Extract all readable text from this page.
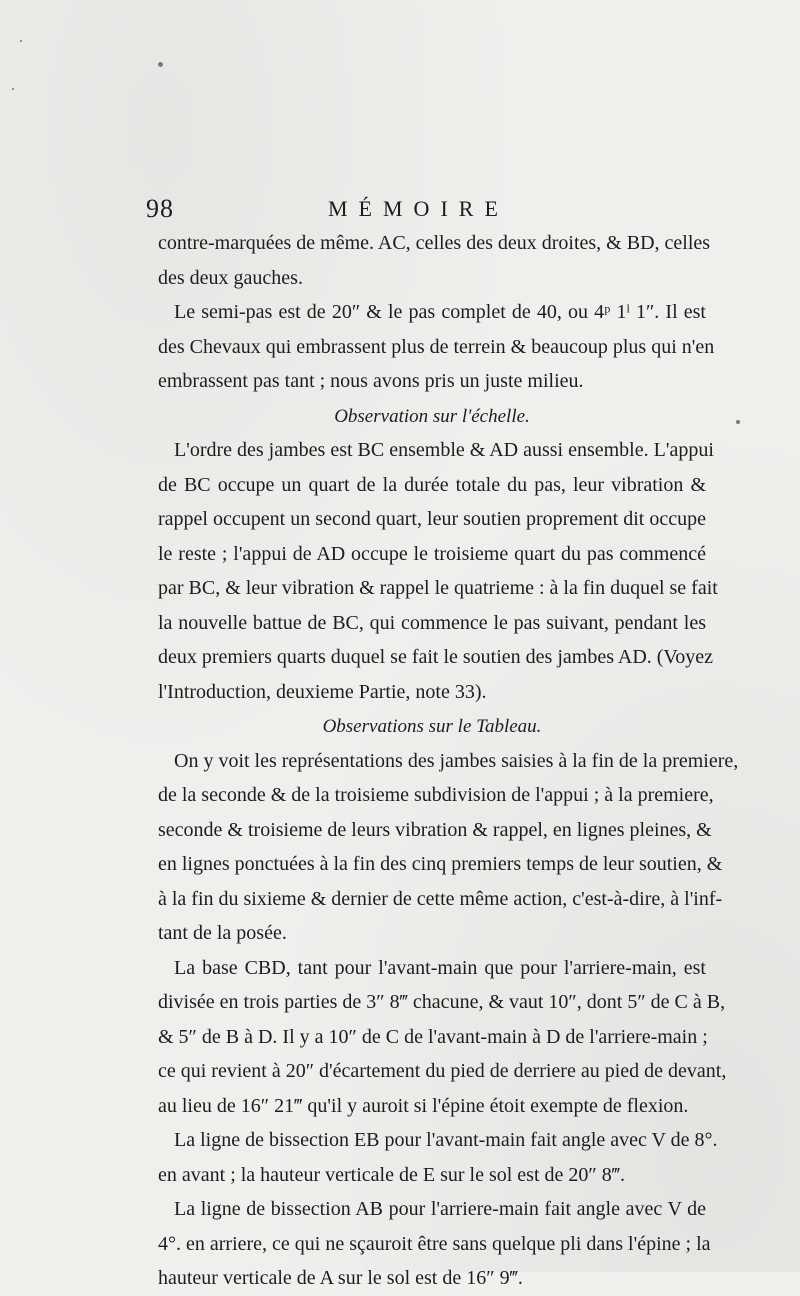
98	MÉMOIRE
contre-marquées de même. AC, celles des deux droites, & BD, celles
des deux gauches.
Le semi-pas est de 20″ & le pas complet de 40, ou 4ᵖ 1ˡ 1″. Il est
des Chevaux qui embrassent plus de terrein & beaucoup plus qui n'en
embrassent pas tant ; nous avons pris un juste milieu.
Observation sur l'échelle.
L'ordre des jambes est BC ensemble & AD aussi ensemble. L'appui
de BC occupe un quart de la durée totale du pas, leur vibration &
rappel occupent un second quart, leur soutien proprement dit occupe
le reste ; l'appui de AD occupe le troisieme quart du pas commencé
par BC, & leur vibration & rappel le quatrieme : à la fin duquel se fait
la nouvelle battue de BC, qui commence le pas suivant, pendant les
deux premiers quarts duquel se fait le soutien des jambes AD. (Voyez
l'Introduction, deuxieme Partie, note 33).
Observations sur le Tableau.
On y voit les représentations des jambes saisies à la fin de la premiere,
de la seconde & de la troisieme subdivision de l'appui ; à la premiere,
seconde & troisieme de leurs vibration & rappel, en lignes pleines, &
en lignes ponctuées à la fin des cinq premiers temps de leur soutien, &
à la fin du sixieme & dernier de cette même action, c'est-à-dire, à l'inf-
tant de la posée.
La base CBD, tant pour l'avant-main que pour l'arriere-main, est
divisée en trois parties de 3″ 8‴ chacune, & vaut 10″, dont 5″ de C à B,
& 5″ de B à D. Il y a 10″ de C de l'avant-main à D de l'arriere-main ;
ce qui revient à 20″ d'écartement du pied de derriere au pied de devant,
au lieu de 16″ 21‴ qu'il y auroit si l'épine étoit exempte de flexion.
La ligne de bissection EB pour l'avant-main fait angle avec V de 8°.
en avant ; la hauteur verticale de E sur le sol est de 20″ 8‴.
La ligne de bissection AB pour l'arriere-main fait angle avec V de
4°. en arriere, ce qui ne sçauroit être sans quelque pli dans l'épine ; la
hauteur verticale de A sur le sol est de 16″ 9‴.
